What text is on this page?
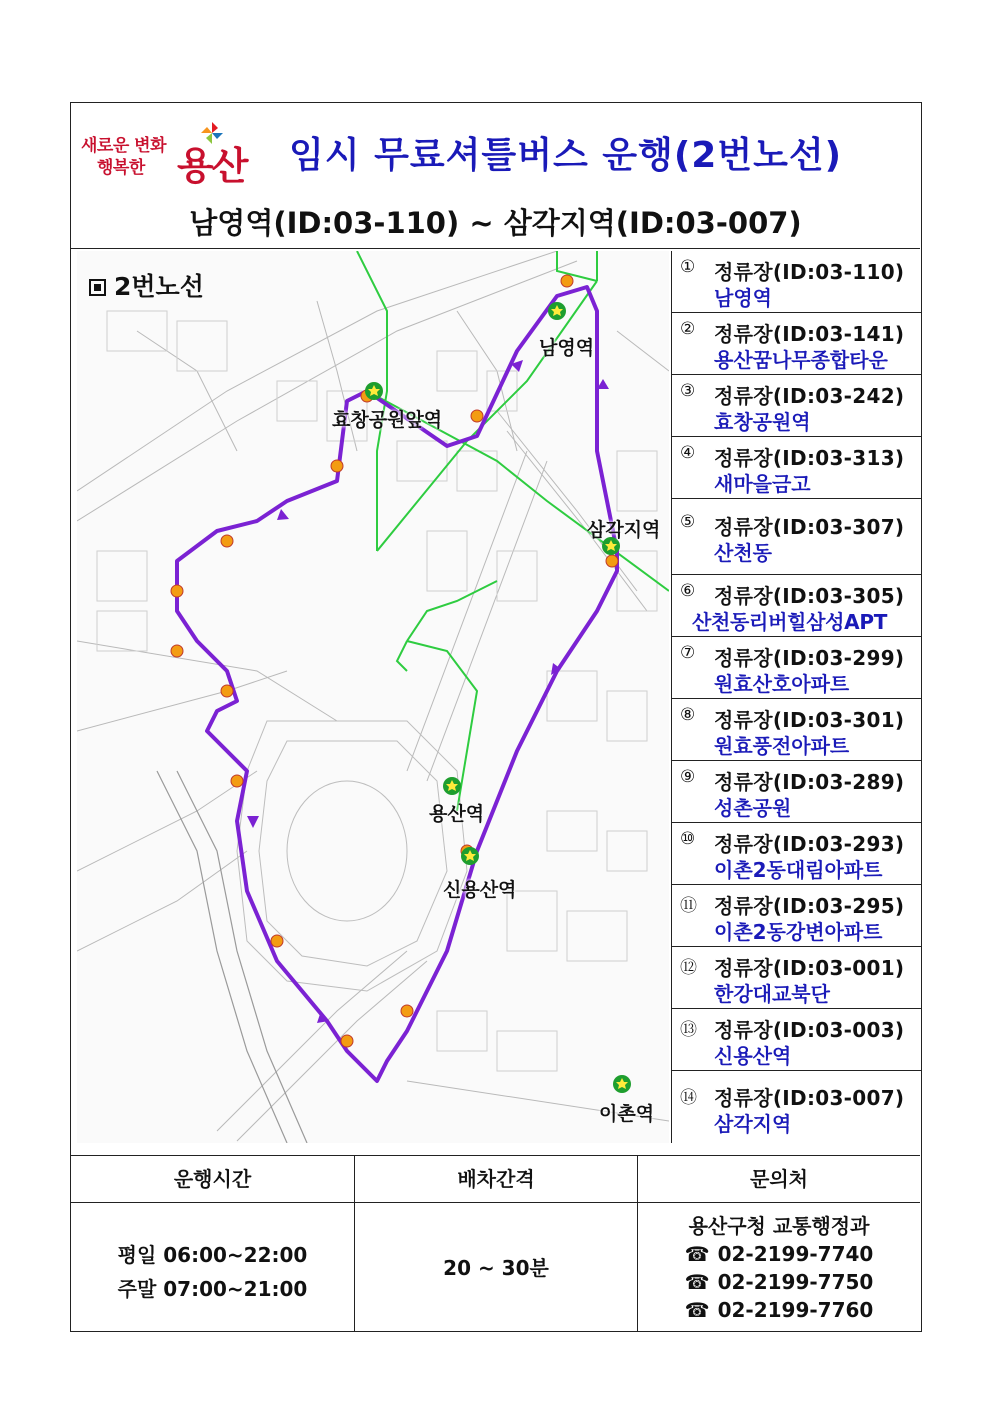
새로운 변화
행복한 용산 임시 무료셔틀버스 운행(2번노선)
남영역(ID:03-110) ~ 삼각지역(ID:03-007)
2번노선
남영역
효창공원앞역
삼각지역
용산역
신용산역
이촌역
① 정류장(ID:03-110)
남영역
② 정류장(ID:03-141)
용산꿈나무종합타운
③ 정류장(ID:03-242)
효창공원역
④ 정류장(ID:03-313)
새마을금고
⑤ 정류장(ID:03-307)
산천동
⑥ 정류장(ID:03-305)
산천동리버힐삼성APT
⑦ 정류장(ID:03-299)
원효산호아파트
⑧ 정류장(ID:03-301)
원효풍전아파트
⑨ 정류장(ID:03-289)
성촌공원
⑩ 정류장(ID:03-293)
이촌2동대림아파트
⑪ 정류장(ID:03-295)
이촌2동강변아파트
⑫ 정류장(ID:03-001)
한강대교북단
⑬ 정류장(ID:03-003)
신용산역
⑭ 정류장(ID:03-007)
삼각지역
운행시간
평일 06:00~22:00
주말 07:00~21:00
배차간격
20 ~ 30분
문의처
용산구청 교통행정과
☎ 02-2199-7740
☎ 02-2199-7750
☎ 02-2199-7760
